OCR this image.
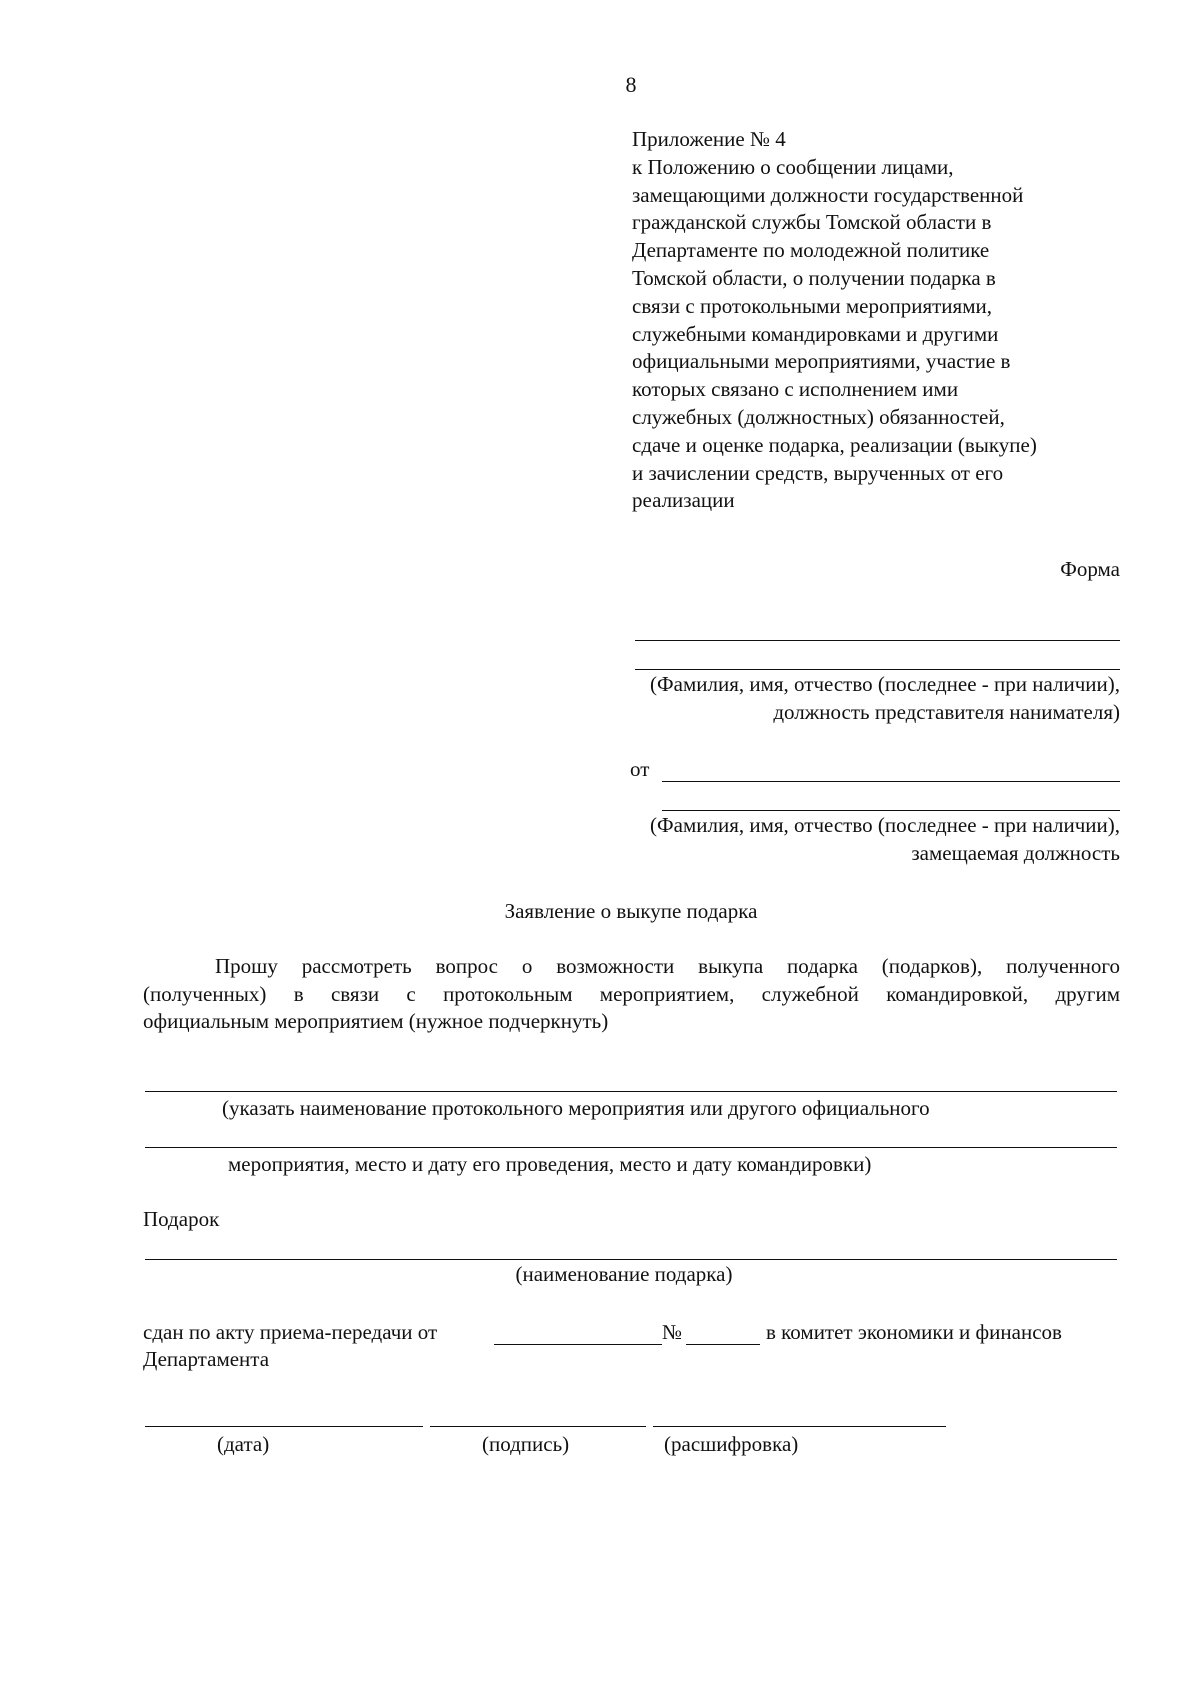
8
Приложение № 4
к Положению о сообщении лицами,
замещающими должности государственной
гражданской службы Томской области в
Департаменте по молодежной политике
Томской области, о получении подарка в
связи с протокольными мероприятиями,
служебными командировками и другими
официальными мероприятиями, участие в
которых связано с исполнением ими
служебных (должностных) обязанностей,
сдаче и оценке подарка, реализации (выкупе)
и зачислении средств, вырученных от его
реализации
Форма
(Фамилия, имя, отчество (последнее - при наличии),
должность представителя нанимателя)
от
(Фамилия, имя, отчество (последнее - при наличии),
замещаемая должность
Заявление о выкупе подарка
Прошу рассмотреть вопрос о возможности выкупа подарка (подарков), полученного
(полученных) в связи с протокольным мероприятием, служебной командировкой, другим
официальным мероприятием (нужное подчеркнуть)
(указать наименование протокольного мероприятия или другого официального
мероприятия, место и дату его проведения, место и дату командировки)
Подарок
(наименование подарка)
сдан по акту приема-передачи от	№	в комитет экономики и финансов
Департамента
(дата)	(подпись)	(расшифровка)
